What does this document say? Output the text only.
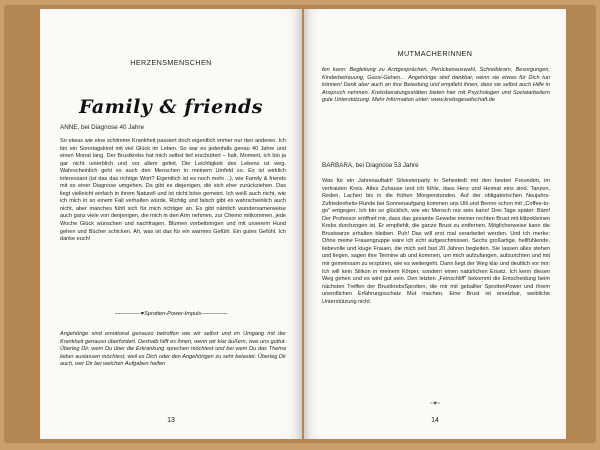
HERZENSMENSCHEN
Family & friends
ANNE, bei Diagnose 40 Jahre
So etwas wie eine schlimme Krankheit passiert doch eigentlich immer nur den anderen. Ich bin ein Sonntagskind mit viel Glück im Leben. So war es jedenfalls genau 40 Jahre und einen Monat lang. Der Brustkrebs hat mich selbst tief erschüttert – halt, Moment, ich bin ja gar nicht unterblich und vor allem gefeit. Die Leichtigkeit des Lebens ist weg. Wahrscheinlich geht es auch den Menschen in meinem Umfeld so. Es ist wirklich interessant (ist das das richtige Wort? Eigentlich ist es noch mehr…), wie Family & friends mit so einer Diagnose umgehen. Da gibt es diejenigen, die sich eher zurückziehen. Das liegt vielleicht einfach in ihrem Naturell und ist nicht böse gemeint. Ich weiß auch nicht, wie ich mich in so einem Fall verhalten würde. Richtig und falsch gibt es wahrscheinlich auch nicht, aber manches fühlt sich für mich richtiger an. Es gibt nämlich wundersamerweise auch ganz viele von denjenigen, die mich in den Arm nehmen, zur Chemo mitkommen, jede Woche Glück wünschen und nachfragen, Blumen vorbeibringen und mit unserem Hund gehen und Bücher schicken. Ah, was ist das für ein warmes Gefühl. Ein gutes Gefühl. Ich danke euch!
--------------♥Sprotten-Power-Impuls--------------
Angehörige sind emotional genauso betroffen wie wir selbst und im Umgang mit der Krankheit genauso überfordert. Deshalb hilft es ihnen, wenn wir klar äußern, was uns guttut. Überleg Dir, wem Du über die Erkrankung sprechen möchtest und bei wem Du das Thema lieber auslassen möchtest, weil es Dich oder den Angehörigen zu sehr belastet. Überleg Dir auch, wer Dir bei welchen Aufgaben helfen
13
MUTMACHERINNEN
fen kann: Begleitung zu Arztgesprächen, Perückenauswahl, Schreibkram, Besorgungen, Kinderbetreuung, Gassi-Gehen… Angehörige sind dankbar, wenn sie etwas für Dich tun können! Denk aber auch an ihre Belastung und empfiehl ihnen, dass sie selbst auch Hilfe in Anspruch nehmen. Krebsberatungsstätten bieten hier mit Psychologen und Sozialarbeitern gute Unterstützung. Mehr Information unter: www.krebsgesellschaft.de
BARBARA, bei Diagnose 53 Jahre
Was für ein Jahresauftakt! Silvesterparty in Sehestedt mit den besten Freunden, im vertrauten Kreis. Altes Zuhause und ich fühle, dass Herz und Heimat eins sind. Tanzen, Reden, Lachen bis in die frühen Morgenstunden. Auf der obligatorischen Neujahrs-Zufriedenheits-Runde bei Sonnenaufgang kommen uns Ulli und Benno schon mit „Coffee-to-go“ entgegen. Ich bin so glücklich, wie ein Mensch nur sein kann! Drei Tage später: Bäm! Der Professor eröffnet mir, dass das gesamte Gewebe meiner rechten Brust mit klitzekleinen Krebs durchzogen ist. Er empfiehlt, die ganze Brust zu entfernen. Möglicherweise kann die Brustwarze erhalten bleiben. Puh! Das will erst mal verarbeitet werden. Und ich merke: Ohne meine Frauengruppe wäre ich echt aufgeschmissen. Sechs großartige, hellfühlende, liebevolle und kluge Frauen, die mich seit fast 20 Jahren begleiten. Sie lassen alles stehen und liegen, sagen ihre Termine ab und kommen, um mich aufzufangen, aufzurichten und mit mir gemeinsam zu erspüren, wie es weitergeht. Dann liegt der Weg klar und deutlich vor mir: Ich will kein Silikon in meinem Körper, sondern einen natürlichen Ersatz. Ich kenn diesen Weg gehen und es wird gut sein. Den letzten „Feinschliff“ bekommt die Entscheidung beim nächsten Treffen der BrustkrebsSprotten, die mir mit geballter SprottenPower und ihrem unendlichen Erfahrungsschatz Mut machen. Eine Brust ist ersetzbar, weibliche Unterstützung nicht.
~♥~
14
